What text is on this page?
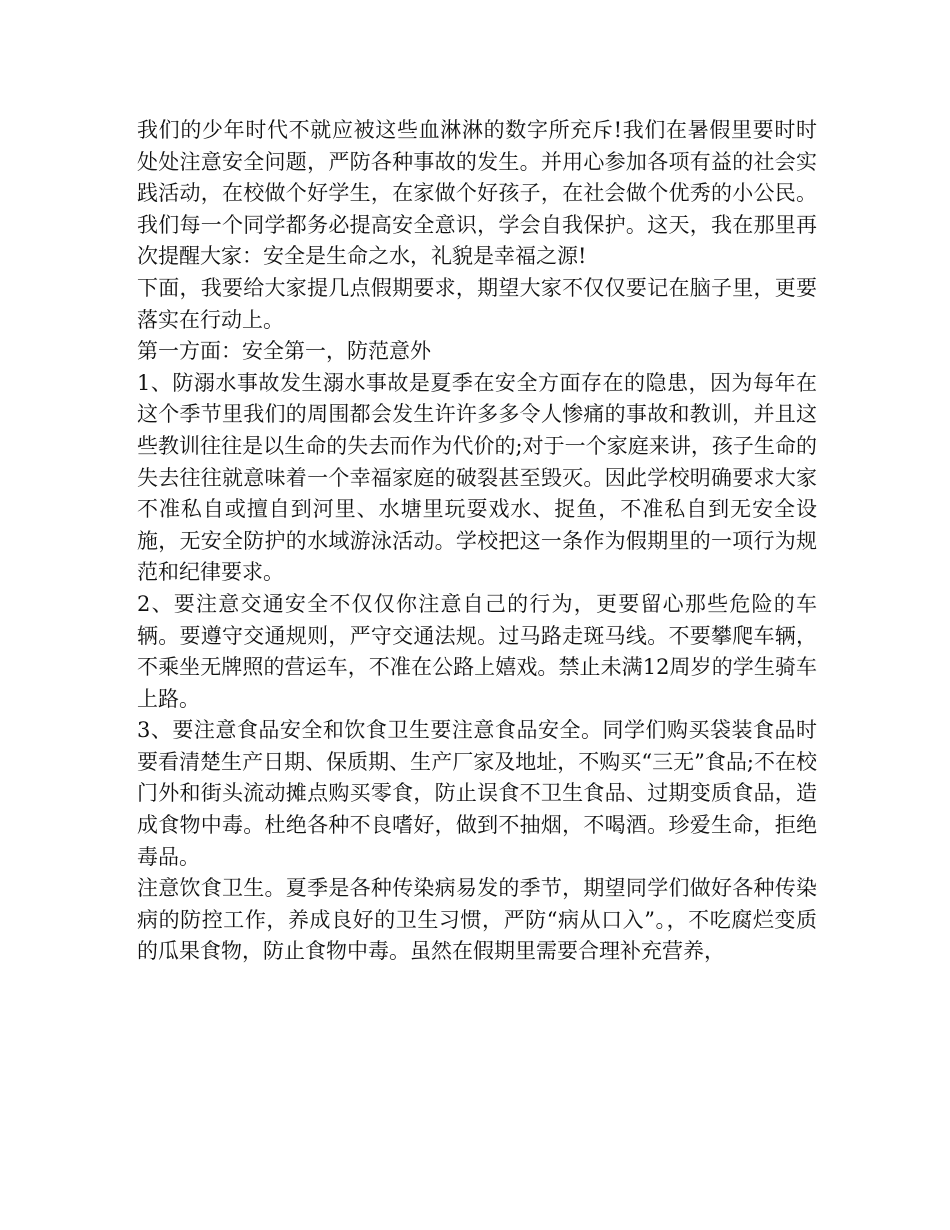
我们的少年时代不就应被这些血淋淋的数字所充斥!我们在暑假里要时时处处注意安全问题，严防各种事故的发生。并用心参加各项有益的社会实践活动，在校做个好学生，在家做个好孩子，在社会做个优秀的小公民。我们每一个同学都务必提高安全意识，学会自我保护。这天，我在那里再次提醒大家：安全是生命之水，礼貌是幸福之源!

下面，我要给大家提几点假期要求，期望大家不仅仅要记在脑子里，更要落实在行动上。

第一方面：安全第一，防范意外

1、防溺水事故发生溺水事故是夏季在安全方面存在的隐患，因为每年在这个季节里我们的周围都会发生许许多多令人惨痛的事故和教训，并且这些教训往往是以生命的失去而作为代价的;对于一个家庭来讲，孩子生命的失去往往就意味着一个幸福家庭的破裂甚至毁灭。因此学校明确要求大家不准私自或擅自到河里、水塘里玩耍戏水、捉鱼，不准私自到无安全设施，无安全防护的水域游泳活动。学校把这一条作为假期里的一项行为规范和纪律要求。

2、要注意交通安全不仅仅你注意自己的行为，更要留心那些危险的车辆。要遵守交通规则，严守交通法规。过马路走斑马线。不要攀爬车辆，不乘坐无牌照的营运车，不准在公路上嬉戏。禁止未满12周岁的学生骑车上路。

3、要注意食品安全和饮食卫生要注意食品安全。同学们购买袋装食品时要看清楚生产日期、保质期、生产厂家及地址，不购买“三无”食品;不在校门外和街头流动摊点购买零食，防止误食不卫生食品、过期变质食品，造成食物中毒。杜绝各种不良嗜好，做到不抽烟，不喝酒。珍爱生命，拒绝毒品。

注意饮食卫生。夏季是各种传染病易发的季节，期望同学们做好各种传染病的防控工作，养成良好的卫生习惯，严防“病从口入”。，不吃腐烂变质的瓜果食物，防止食物中毒。虽然在假期里需要合理补充营养，
